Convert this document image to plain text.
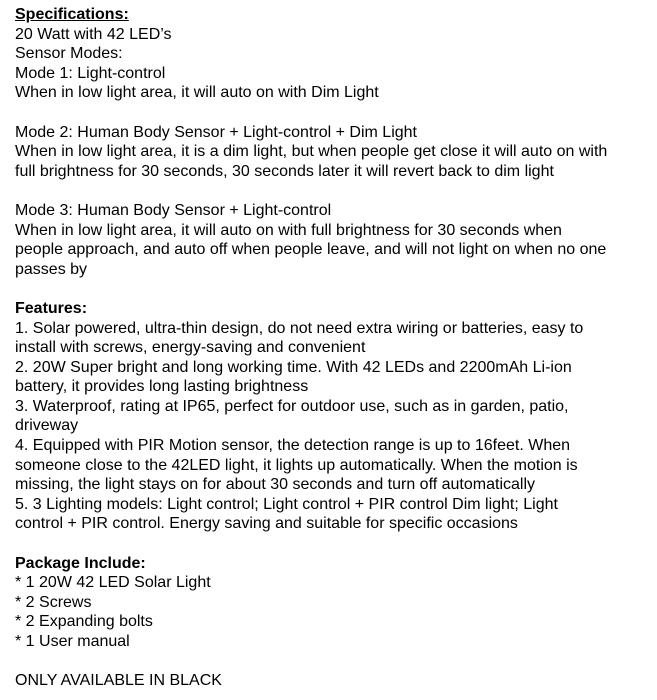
Specifications:
20 Watt with 42 LED’s
Sensor Modes:
Mode 1: Light-control
When in low light area, it will auto on with Dim Light
Mode 2: Human Body Sensor + Light-control + Dim Light
When in low light area, it is a dim light, but when people get close it will auto on with
full brightness for 30 seconds, 30 seconds later it will revert back to dim light
Mode 3: Human Body Sensor + Light-control
When in low light area, it will auto on with full brightness for 30 seconds when
people approach, and auto off when people leave, and will not light on when no one
passes by
Features:
1. Solar powered, ultra-thin design, do not need extra wiring or batteries, easy to
install with screws, energy-saving and convenient
2. 20W Super bright and long working time. With 42 LEDs and 2200mAh Li-ion
battery, it provides long lasting brightness
3. Waterproof, rating at IP65, perfect for outdoor use, such as in garden, patio,
driveway
4. Equipped with PIR Motion sensor, the detection range is up to 16feet. When
someone close to the 42LED light, it lights up automatically. When the motion is
missing, the light stays on for about 30 seconds and turn off automatically
5. 3 Lighting models: Light control; Light control + PIR control Dim light; Light
control + PIR control. Energy saving and suitable for specific occasions
Package Include:
* 1 20W 42 LED Solar Light
* 2 Screws
* 2 Expanding bolts
* 1 User manual
ONLY AVAILABLE IN BLACK
